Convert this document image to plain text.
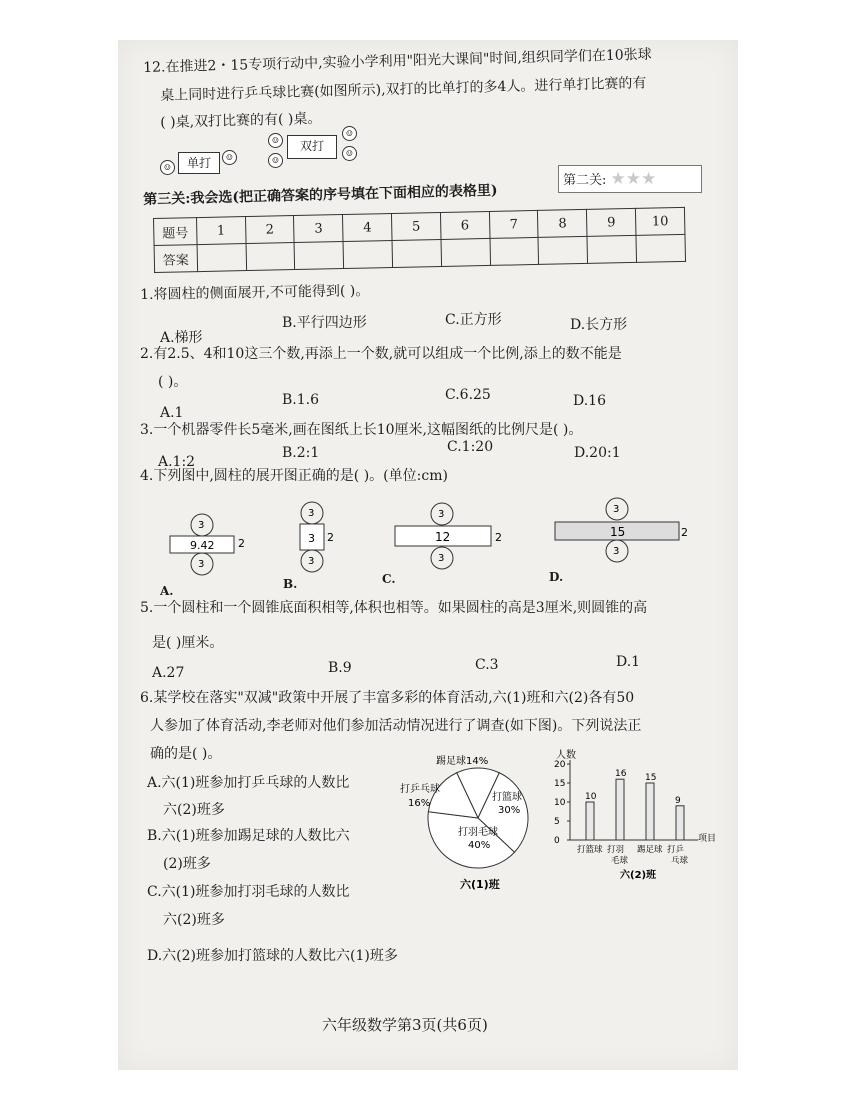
12.在推进2・15专项行动中,实验小学利用"阳光大课间"时间,组织同学们在10张球
桌上同时进行乒乓球比赛(如图所示),双打的比单打的多4人。进行单打比赛的有
( )桌,双打比赛的有( )桌。
☺	单打	☺
☺
☺
双打
☺
☺
第二关: ★★★
第三关:我会选(把正确答案的序号填在下面相应的表格里)
题号	1	2	3	4	5	6	7	8	9	10
答案										
1.将圆柱的侧面展开,不可能得到( )。
A.梯形
B.平行四边形	C.正方形	D.长方形
2.有2.5、4和10这三个数,再添上一个数,就可以组成一个比例,添上的数不能是
( )。
A.1
B.1.6	C.6.25	D.16
3.一个机器零件长5毫米,画在图纸上长10厘米,这幅图纸的比例尺是( )。
A.1:2
B.2:1	C.1:20	D.20:1
4.下列图中,圆柱的展开图正确的是( )。(单位:cm)
3
9.42 2
3
3
3 2
3
3
12	2
3
3
15	2
3
A.	B.	C.	D.
5.一个圆柱和一个圆锥底面积相等,体积也相等。如果圆柱的高是3厘米,则圆锥的高
是( )厘米。
A.27	B.9	C.3	D.1
6.某学校在落实"双减"政策中开展了丰富多彩的体育活动,六(1)班和六(2)各有50
人参加了体育活动,李老师对他们参加活动情况进行了调查(如下图)。下列说法正
确的是( )。
A.六(1)班参加打乒乓球的人数比
六(2)班多
B.六(1)班参加踢足球的人数比六
(2)班多
C.六(1)班参加打羽毛球的人数比
六(2)班多
D.六(2)班参加打篮球的人数比六(1)班多
踢足球14%
打乒乓球
16%
打篮球
30%
打羽毛球
40%
六(1)班
人数
0
5
10
15
20
10
打篮球
16
打羽
毛球
15
踢足球
9
打乒
乓球
项目
六(2)班
六年级数学第3页(共6页)
